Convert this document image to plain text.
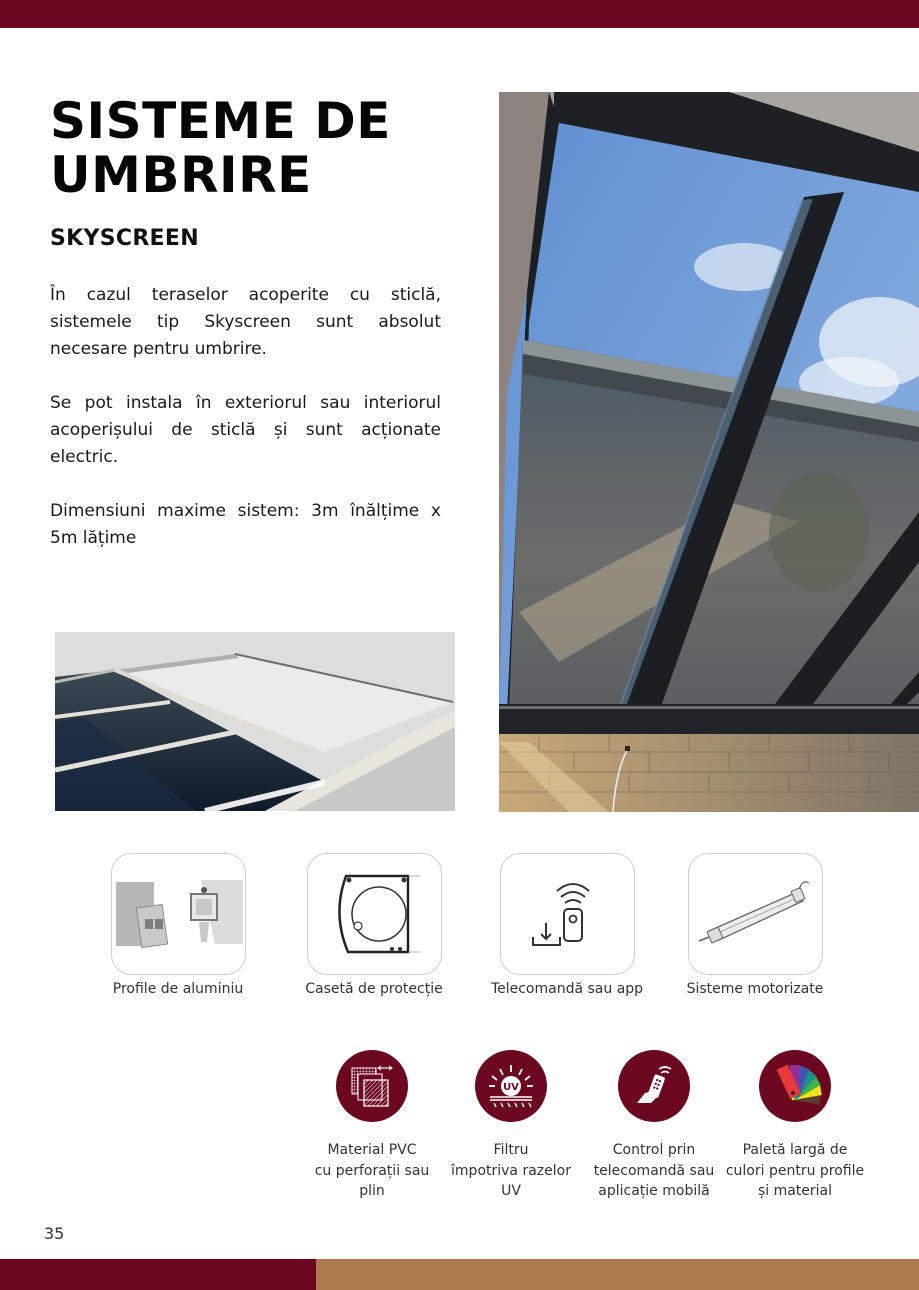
SISTEME DE
UMBRIRE
SKYSCREEN

În cazul teraselor acoperite cu sticlă, sistemele tip Skyscreen sunt absolut necesare pentru umbrire.

Se pot instala în exteriorul sau interiorul acoperișului de sticlă și sunt acționate electric.

Dimensiuni maxime sistem: 3m înălțime x 5m lățime

Profile de aluminiu	Casetă de protecție	Telecomandă sau app	Sisteme motorizate
Material PVC
cu perforații sau
plin
UV
Filtru
împotriva razelor
UV
Control prin
telecomandă sau
aplicație mobilă
Paletă largă de
culori pentru profile
și material
35
